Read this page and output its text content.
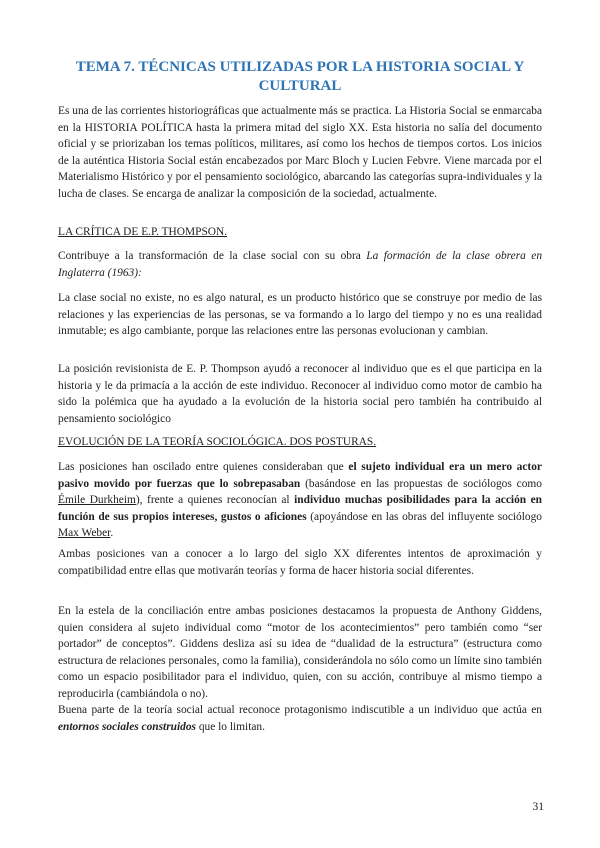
TEMA 7. TÉCNICAS UTILIZADAS POR LA HISTORIA SOCIAL Y CULTURAL

Es una de las corrientes historiográficas que actualmente más se practica. La Historia Social se enmarcaba en la HISTORIA POLÍTICA hasta la primera mitad del siglo XX. Esta historia no salía del documento oficial y se priorizaban los temas políticos, militares, así como los hechos de tiempos cortos. Los inicios de la auténtica Historia Social están encabezados por Marc Bloch y Lucien Febvre. Viene marcada por el Materialismo Histórico y por el pensamiento sociológico, abarcando las categorías supra-individuales y la lucha de clases. Se encarga de analizar la composición de la sociedad, actualmente.

LA CRÍTICA DE E.P. THOMPSON.

Contribuye a la transformación de la clase social con su obra La formación de la clase obrera en Inglaterra (1963):

La clase social no existe, no es algo natural, es un producto histórico que se construye por medio de las relaciones y las experiencias de las personas, se va formando a lo largo del tiempo y no es una realidad inmutable; es algo cambiante, porque las relaciones entre las personas evolucionan y cambian.

La posición revisionista de E. P. Thompson ayudó a reconocer al individuo que es el que participa en la historia y le da primacía a la acción de este individuo. Reconocer al individuo como motor de cambio ha sido la polémica que ha ayudado a la evolución de la historia social pero también ha contribuido al pensamiento sociológico

EVOLUCIÓN DE LA TEORÍA SOCIOLÓGICA. DOS POSTURAS.

Las posiciones han oscilado entre quienes consideraban que el sujeto individual era un mero actor pasivo movido por fuerzas que lo sobrepasaban (basándose en las propuestas de sociólogos como Émile Durkheim), frente a quienes reconocían al individuo muchas posibilidades para la acción en función de sus propios intereses, gustos o aficiones (apoyándose en las obras del influyente sociólogo Max Weber.

Ambas posiciones van a conocer a lo largo del siglo XX diferentes intentos de aproximación y compatibilidad entre ellas que motivarán teorías y forma de hacer historia social diferentes.

En la estela de la conciliación entre ambas posiciones destacamos la propuesta de Anthony Giddens, quien considera al sujeto individual como “motor de los acontecimientos” pero también como “ser portador” de conceptos”. Giddens desliza así su idea de “dualidad de la estructura” (estructura como estructura de relaciones personales, como la familia), considerándola no sólo como un límite sino también como un espacio posibilitador para el individuo, quien, con su acción, contribuye al mismo tiempo a reproducirla (cambiándola o no).

Buena parte de la teoría social actual reconoce protagonismo indiscutible a un individuo que actúa en entornos sociales construidos que lo limitan.

31
